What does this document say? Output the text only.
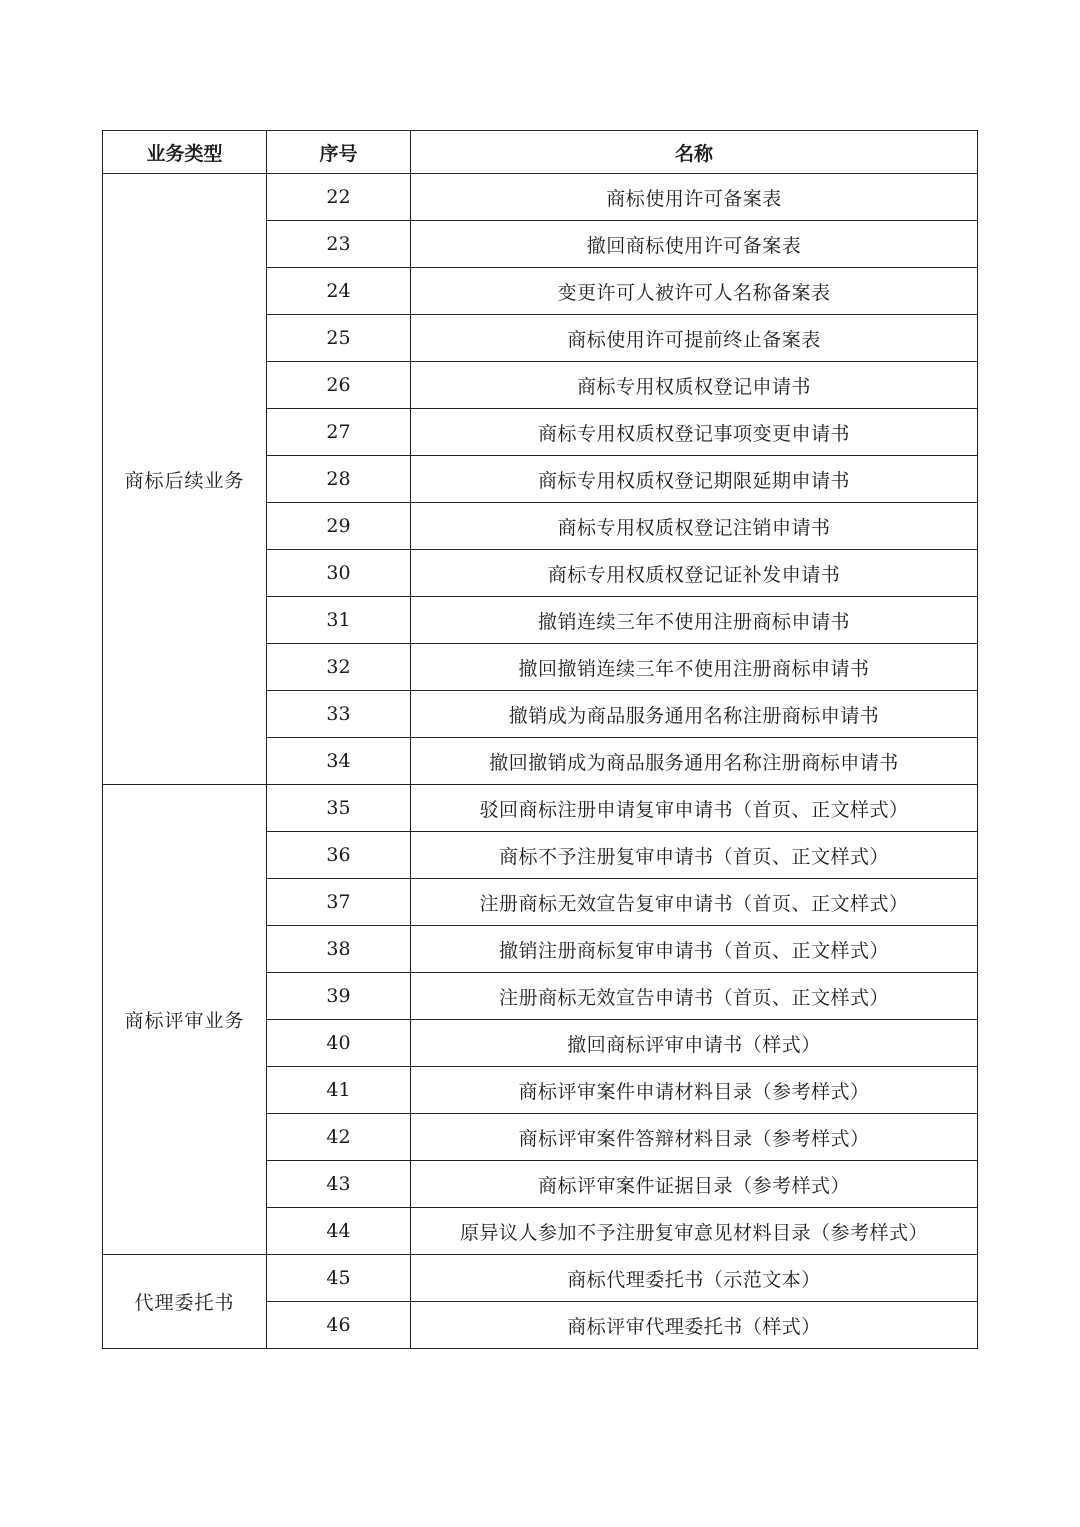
业务类型	序号	名称
商标后续业务	22	商标使用许可备案表
	23	撤回商标使用许可备案表
	24	变更许可人被许可人名称备案表
	25	商标使用许可提前终止备案表
	26	商标专用权质权登记申请书
	27	商标专用权质权登记事项变更申请书
	28	商标专用权质权登记期限延期申请书
	29	商标专用权质权登记注销申请书
	30	商标专用权质权登记证补发申请书
	31	撤销连续三年不使用注册商标申请书
	32	撤回撤销连续三年不使用注册商标申请书
	33	撤销成为商品服务通用名称注册商标申请书
	34	撤回撤销成为商品服务通用名称注册商标申请书
商标评审业务	35	驳回商标注册申请复审申请书（首页、正文样式）
	36	商标不予注册复审申请书（首页、正文样式）
	37	注册商标无效宣告复审申请书（首页、正文样式）
	38	撤销注册商标复审申请书（首页、正文样式）
	39	注册商标无效宣告申请书（首页、正文样式）
	40	撤回商标评审申请书（样式）
	41	商标评审案件申请材料目录（参考样式）
	42	商标评审案件答辩材料目录（参考样式）
	43	商标评审案件证据目录（参考样式）
	44	原异议人参加不予注册复审意见材料目录（参考样式）
代理委托书	45	商标代理委托书（示范文本）
	46	商标评审代理委托书（样式）
